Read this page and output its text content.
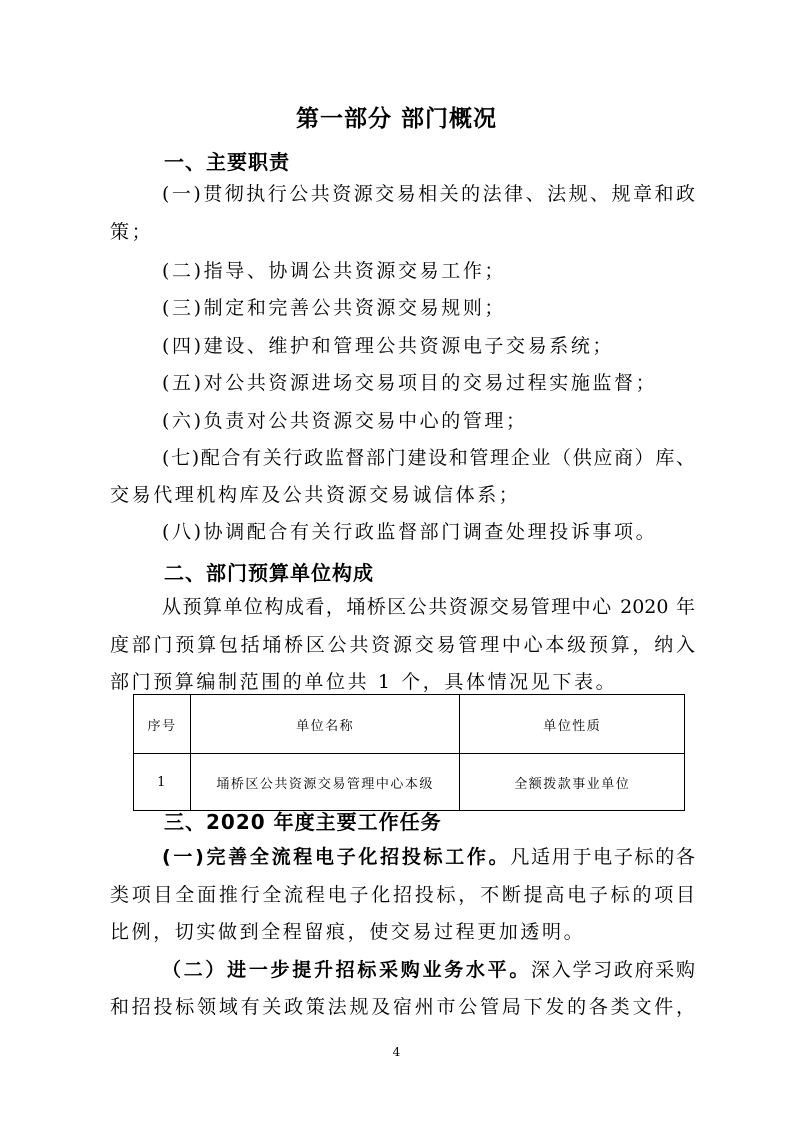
第一部分 部门概况
一、主要职责
(一)贯彻执行公共资源交易相关的法律、法规、规章和政
策；
(二)指导、协调公共资源交易工作；
(三)制定和完善公共资源交易规则；
(四)建设、维护和管理公共资源电子交易系统；
(五)对公共资源进场交易项目的交易过程实施监督；
(六)负责对公共资源交易中心的管理；
(七)配合有关行政监督部门建设和管理企业（供应商）库、
交易代理机构库及公共资源交易诚信体系；
(八)协调配合有关行政监督部门调查处理投诉事项。
二、部门预算单位构成
从预算单位构成看，埇桥区公共资源交易管理中心 2020 年
度部门预算包括埇桥区公共资源交易管理中心本级预算，纳入
部门预算编制范围的单位共 1 个，具体情况见下表。
序号	单位名称	单位性质
1	埇桥区公共资源交易管理中心本级	全额拨款事业单位
三、2020 年度主要工作任务
(一)完善全流程电子化招投标工作。凡适用于电子标的各
类项目全面推行全流程电子化招投标，不断提高电子标的项目
比例，切实做到全程留痕，使交易过程更加透明。
（二）进一步提升招标采购业务水平。深入学习政府采购
和招投标领域有关政策法规及宿州市公管局下发的各类文件，
4
